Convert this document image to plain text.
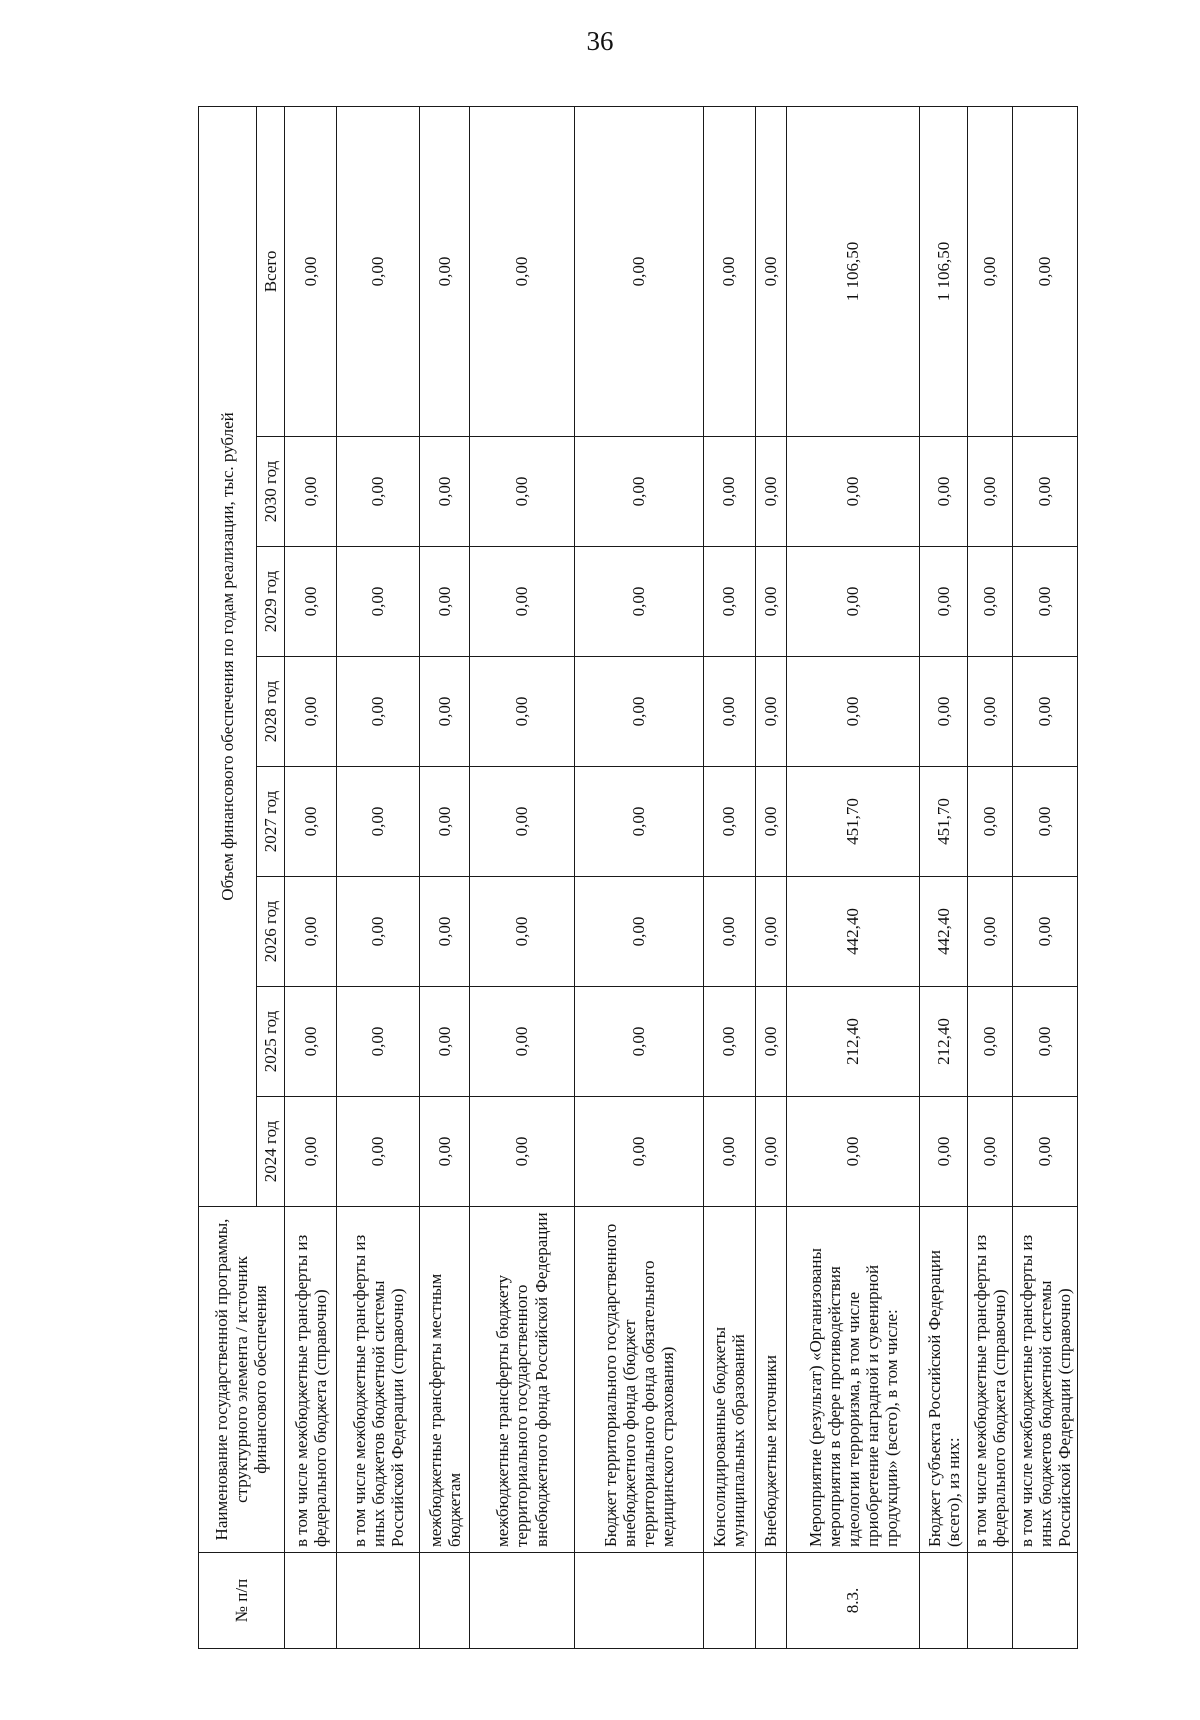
36
№ п/п	Наименование государственной программы, структурного элемента / источник финансового обеспечения	Объем финансового обеспечения по годам реализации, тыс. рублей							
		2024 год	2025 год	2026 год	2027 год	2028 год	2029 год	2030 год	Всего
	в том числе межбюджетные трансферты из федерального бюджета (справочно)	0,00	0,00	0,00	0,00	0,00	0,00	0,00	0,00
	в том числе межбюджетные трансферты из иных бюджетов бюджетной системы Российской Федерации (справочно)	0,00	0,00	0,00	0,00	0,00	0,00	0,00	0,00
	межбюджетные трансферты местным бюджетам	0,00	0,00	0,00	0,00	0,00	0,00	0,00	0,00
	межбюджетные трансферты бюджету территориального государственного внебюджетного фонда Российской Федерации	0,00	0,00	0,00	0,00	0,00	0,00	0,00	0,00
	Бюджет территориального государственного внебюджетного фонда (бюджет территориального фонда обязательного медицинского страхования)	0,00	0,00	0,00	0,00	0,00	0,00	0,00	0,00
	Консолидированные бюджеты муниципальных образований	0,00	0,00	0,00	0,00	0,00	0,00	0,00	0,00
	Внебюджетные источники	0,00	0,00	0,00	0,00	0,00	0,00	0,00	0,00
8.3.	Мероприятие (результат) «Организованы мероприятия в сфере противодействия идеологии терроризма, в том числе приобретение наградной и сувенирной продукции» (всего), в том числе:	0,00	212,40	442,40	451,70	0,00	0,00	0,00	1 106,50
	Бюджет субъекта Российской Федерации (всего), из них:	0,00	212,40	442,40	451,70	0,00	0,00	0,00	1 106,50
	в том числе межбюджетные трансферты из федерального бюджета (справочно)	0,00	0,00	0,00	0,00	0,00	0,00	0,00	0,00
	в том числе межбюджетные трансферты из иных бюджетов бюджетной системы Российской Федерации (справочно)	0,00	0,00	0,00	0,00	0,00	0,00	0,00	0,00
